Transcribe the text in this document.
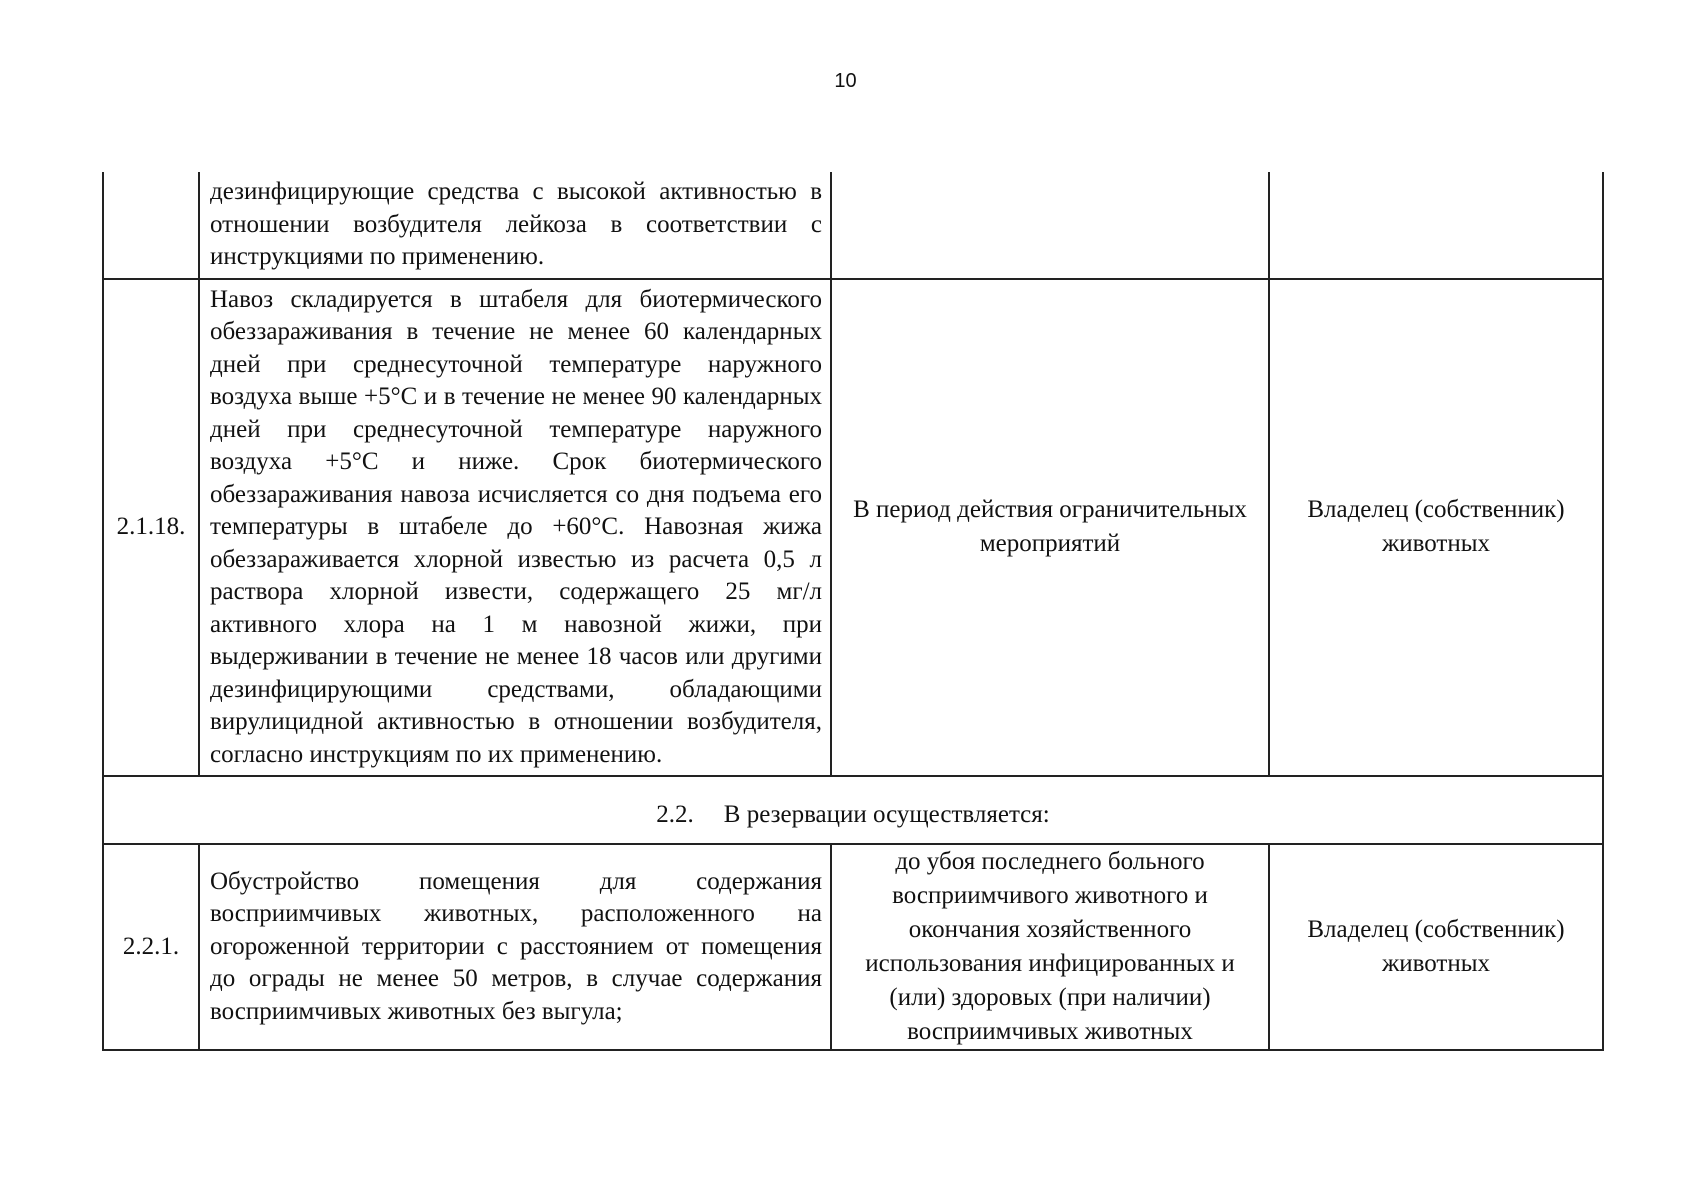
10
	дезинфицирующие средства с высокой активностью в отношении возбудителя лейкоза в соответствии с инструкциями по применению.		
2.1.18.	Навоз складируется в штабеля для биотермического обеззараживания в течение не менее 60 календарных дней при среднесуточной температуре наружного воздуха выше +5°С и в течение не менее 90 календарных дней при среднесуточной температуре наружного воздуха +5°С и ниже. Срок биотермического обеззараживания навоза исчисляется со дня подъема его температуры в штабеле до +60°С. Навозная жижа обеззараживается хлорной известью из расчета 0,5 л раствора хлорной извести, содержащего 25 мг/л активного хлора на 1 м навозной жижи, при выдерживании в течение не менее 18 часов или другими дезинфицирующими средствами, обладающими вирулицидной активностью в отношении возбудителя, согласно инструкциям по их применению.	В период действия ограничительных мероприятий	Владелец (собственник) животных
2.2. В резервации осуществляется:			
2.2.1.	Обустройство помещения для содержания восприимчивых животных, расположенного на огороженной территории с расстоянием от помещения до ограды не менее 50 метров, в случае содержания восприимчивых животных без выгула;	до убоя последнего больного восприимчивого животного и окончания хозяйственного использования инфицированных и (или) здоровых (при наличии) восприимчивых животных	Владелец (собственник) животных
